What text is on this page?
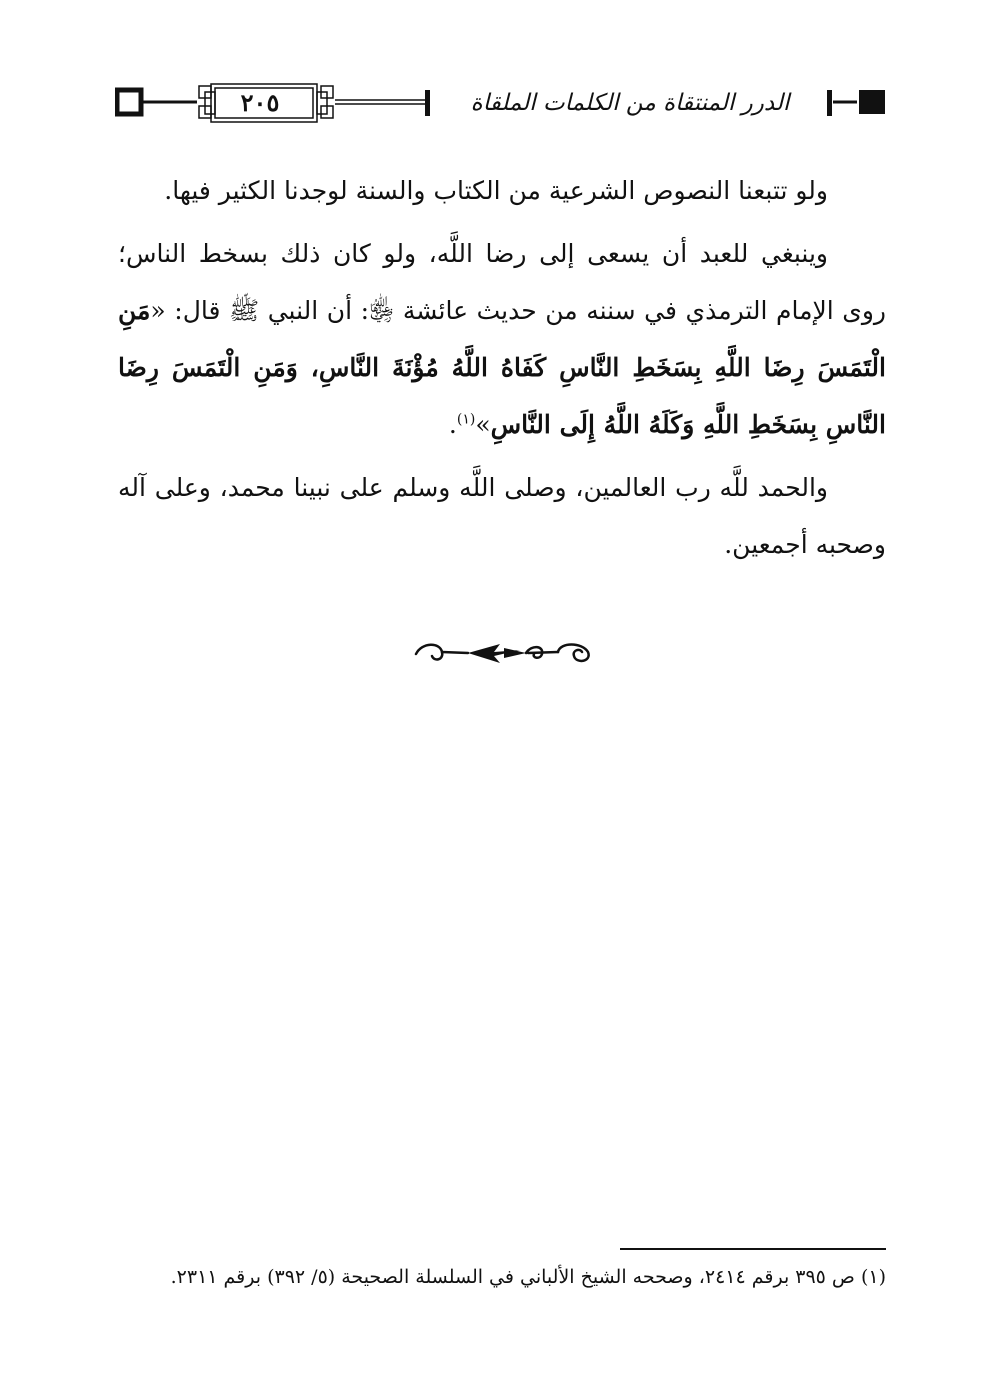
٢٠٥	الدرر المنتقاة من الكلمات الملقاة

ولو تتبعنا النصوص الشرعية من الكتاب والسنة لوجدنا الكثير فيها.

وينبغي للعبد أن يسعى إلى رضا اللَّه، ولو كان ذلك بسخط الناس؛ روى الإمام الترمذي في سننه من حديث عائشة ﵂: أن النبي ﷺ قال: «مَنِ الْتَمَسَ رِضَا اللَّهِ بِسَخَطِ النَّاسِ كَفَاهُ اللَّهُ مُؤْنَةَ النَّاسِ، وَمَنِ الْتَمَسَ رِضَا النَّاسِ بِسَخَطِ اللَّهِ وَكَلَهُ اللَّهُ إِلَى النَّاسِ»$^{(١)}$.

والحمد للَّه رب العالمين، وصلى اللَّه وسلم على نبينا محمد، وعلى آله وصحبه أجمعين.

(١) ص ٣٩٥ برقم ٢٤١٤، وصححه الشيخ الألباني في السلسلة الصحيحة (٥/ ٣٩٢) برقم ٢٣١١.
